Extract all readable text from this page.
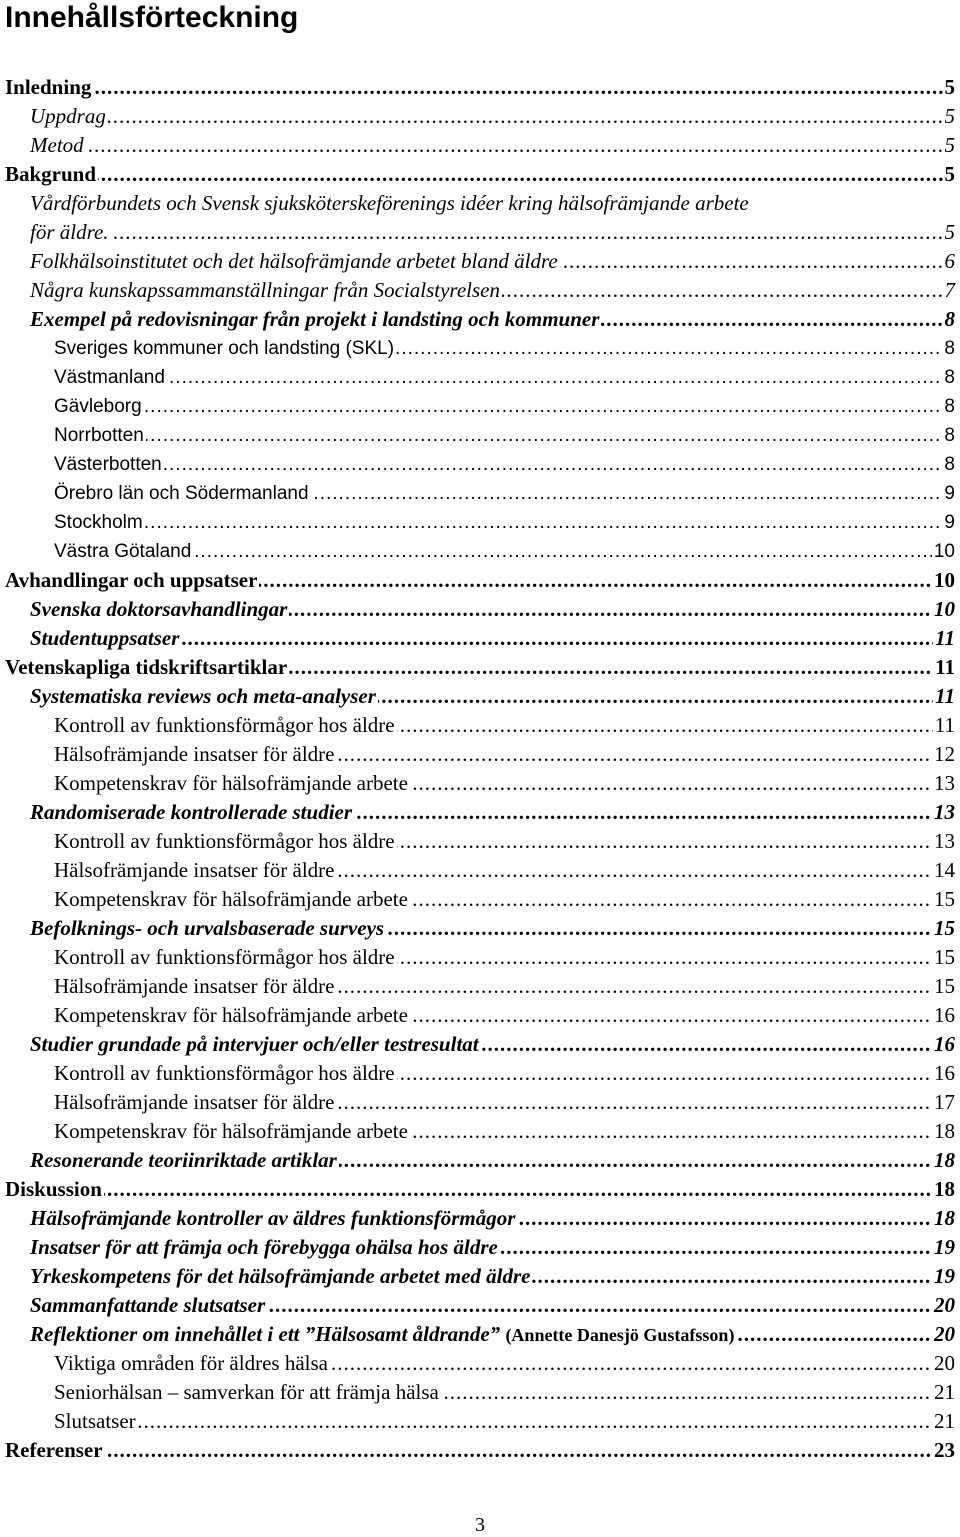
Innehållsförteckning
.....
Inledning	5
.....
Uppdrag	5
.....
Metod	5
.....
Bakgrund	5
Vårdförbundets och Svensk sjuksköterskeförenings idéer kring hälsofrämjande arbete
.....
för äldre.	5
.....
Folkhälsoinstitutet och det hälsofrämjande arbetet bland äldre	6
.....
Några kunskapssammanställningar från Socialstyrelsen	7
.....
Exempel på redovisningar från projekt i landsting och kommuner	8
.....
Sveriges kommuner och landsting (SKL)	8
.....
Västmanland	8
.....
Gävleborg	8
.....
Norrbotten	8
.....
Västerbotten	8
.....
Örebro län och Södermanland	9
.....
Stockholm	9
.....
Västra Götaland	10
.....
Avhandlingar och uppsatser	10
.....
Svenska doktorsavhandlingar	10
.....
Studentuppsatser	11
.....
Vetenskapliga tidskriftsartiklar	11
.....
Systematiska reviews och meta-analyser	11
.....
Kontroll av funktionsförmågor hos äldre	11
.....
Hälsofrämjande insatser för äldre	12
.....
Kompetenskrav för hälsofrämjande arbete	13
.....
Randomiserade kontrollerade studier	13
.....
Kontroll av funktionsförmågor hos äldre	13
.....
Hälsofrämjande insatser för äldre	14
.....
Kompetenskrav för hälsofrämjande arbete	15
.....
Befolknings- och urvalsbaserade surveys	15
.....
Kontroll av funktionsförmågor hos äldre	15
.....
Hälsofrämjande insatser för äldre	15
.....
Kompetenskrav för hälsofrämjande arbete	16
.....
Studier grundade på intervjuer och/eller testresultat	16
.....
Kontroll av funktionsförmågor hos äldre	16
.....
Hälsofrämjande insatser för äldre	17
.....
Kompetenskrav för hälsofrämjande arbete	18
.....
Resonerande teoriinriktade artiklar	18
.....
Diskussion	18
.....
Hälsofrämjande kontroller av äldres funktionsförmågor	18
.....
Insatser för att främja och förebygga ohälsa hos äldre	19
.....
Yrkeskompetens för det hälsofrämjande arbetet med äldre	19
.....
Sammanfattande slutsatser	20
.....
Reflektioner om innehållet i ett ”Hälsosamt åldrande” (Annette Danesjö Gustafsson)	20
.....
Viktiga områden för äldres hälsa	20
.....
Seniorhälsan – samverkan för att främja hälsa	21
.....
Slutsatser	21
.....
Referenser	23
3
